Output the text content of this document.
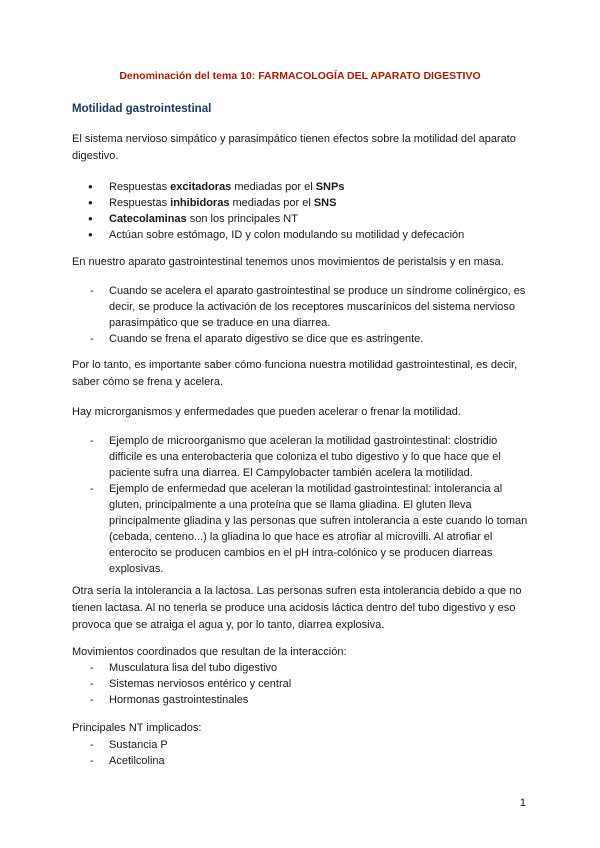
Denominación del tema 10: FARMACOLOGÍA DEL APARATO DIGESTIVO
Motilidad gastrointestinal
El sistema nervioso simpático y parasimpático tienen efectos sobre la motilidad del aparato digestivo.
● Respuestas excitadoras mediadas por el SNPs
● Respuestas inhibidoras mediadas por el SNS
● Catecolaminas son los principales NT
● Actúan sobre estómago, ID y colon modulando su motilidad y defecación
En nuestro aparato gastrointestinal tenemos unos movimientos de peristalsis y en masa.
- Cuando se acelera el aparato gastrointestinal se produce un síndrome colinérgico, es decir, se produce la activación de los receptores muscarínicos del sistema nervioso parasimpático que se traduce en una diarrea.
- Cuando se frena el aparato digestivo se dice que es astringente.
Por lo tanto, es importante saber cómo funciona nuestra motilidad gastrointestinal, es decir, saber cómo se frena y acelera.
Hay microrganismos y enfermedades que pueden acelerar o frenar la motilidad.
- Ejemplo de microorganismo que aceleran la motilidad gastrointestinal: clostridio difficile es una enterobacteria que coloniza el tubo digestivo y lo que hace que el paciente sufra una diarrea. El Campylobacter también acelera la motilidad.
- Ejemplo de enfermedad que aceleran la motilidad gastrointestinal: intolerancia al gluten, principalmente a una proteína que se llama gliadina. El gluten lleva principalmente gliadina y las personas que sufren intolerancia a este cuando lo toman (cebada, centeno...) la gliadina lo que hace es atrofiar al microvilli. Al atrofiar el enterocito se producen cambios en el pH intra-colónico y se producen diarreas explosivas.
Otra sería la intolerancia a la lactosa. Las personas sufren esta intolerancia debido a que no tienen lactasa. Al no tenerla se produce una acidosis láctica dentro del tubo digestivo y eso provoca que se atraiga el agua y, por lo tanto, diarrea explosiva.
Movimientos coordinados que resultan de la interacción:
- Musculatura lisa del tubo digestivo
- Sistemas nerviosos entérico y central
- Hormonas gastrointestinales
Principales NT implicados:
- Sustancia P
- Acetilcolina
1
